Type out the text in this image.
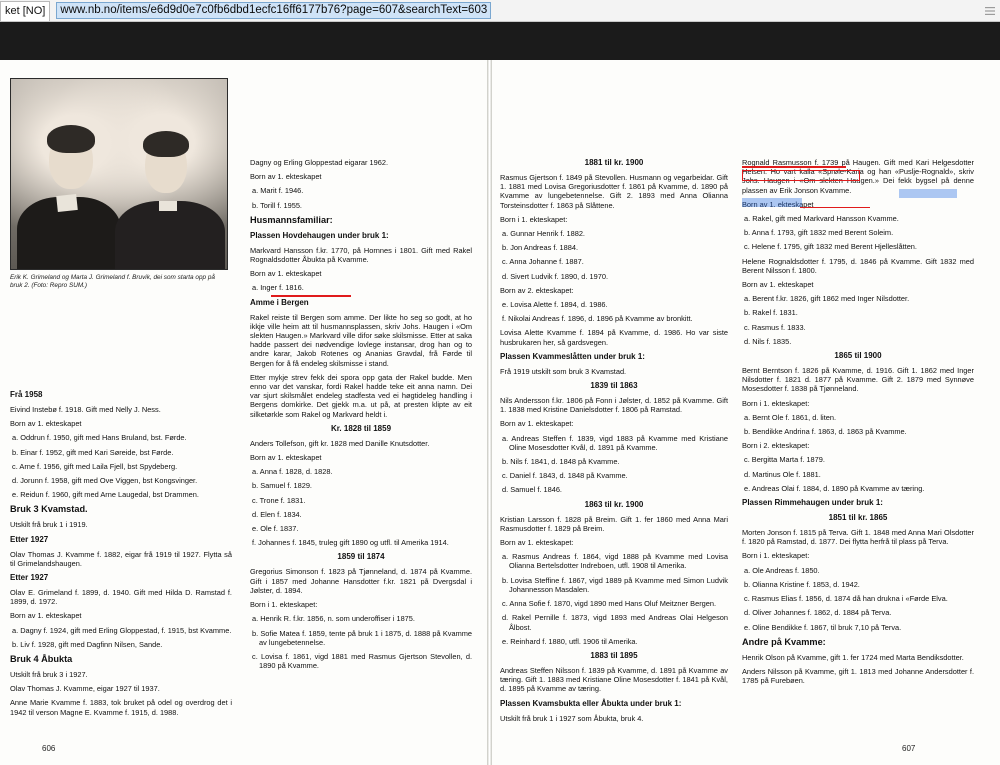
ket [NO]	www.nb.no/items/e6d9d0e7c0fb6dbd1ecfc16ff6177b76?page=607&searchText=603
Erik K. Grimeland og Marta J. Grimeland f. Bruvik, dei som starta opp på bruk 2. (Foto: Repro SUM.)

Frå 1958

Eivind Instebø f. 1918. Gift med Nelly J. Ness.

Born av 1. ekteskapet

a. Oddrun f. 1950, gift med Hans Bruland, bst. Førde.

b. Einar f. 1952, gift med Kari Søreide, bst Førde.

c. Arne f. 1956, gift med Laila Fjell, bst Spydeberg.

d. Jorunn f. 1958, gift med Ove Viggen, bst Kongsvinger.

e. Reidun f. 1960, gift med Arne Laugedal, bst Drammen.

Bruk 3 Kvamstad.

Utskilt frå bruk 1 i 1919.

Etter 1927

Olav Thomas J. Kvamme f. 1882, eigar frå 1919 til 1927. Flytta så til Grimelandshaugen.

Etter 1927

Olav E. Grimeland f. 1899, d. 1940. Gift med Hilda D. Ramstad f. 1899, d. 1972.

Born av 1. ekteskapet

a. Dagny f. 1924, gift med Erling Gloppestad, f. 1915, bst Kvamme.

b. Liv f. 1928, gift med Dagfinn Nilsen, Sande.

Bruk 4 Åbukta

Utskilt frå bruk 3 i 1927.

Olav Thomas J. Kvamme, eigar 1927 til 1937.

Anne Marie Kvamme f. 1883, tok bruket på odel og overdrog det i 1942 til verson Magne E. Kvamme f. 1915, d. 1988.

Dagny og Erling Gloppestad eigarar 1962.

Born av 1. ekteskapet

a. Marit f. 1946.

b. Torill f. 1955.

Husmannsfamiliar:

Plassen Hovdehaugen under bruk 1:

Markvard Hansson f.kr. 1770, på Hornnes i 1801. Gift med Rakel Rognaldsdotter Åbukta på Kvamme.

Born av 1. ekteskapet

a. Inger f. 1816.

Amme i Bergen

Rakel reiste til Bergen som amme. Der likte ho seg so godt, at ho ikkje ville heim att til husmannsplassen, skriv Johs. Haugen i «Om slekten Haugen.» Markvard ville difor søke skilsmisse. Etter at saka hadde passert dei nødvendige lovlege instansar, drog han og to andre karar, Jakob Rotenes og Ananias Gravdal, frå Førde til Bergen for å få endeleg skilsmisse i stand.

Etter mykje strev fekk dei spora opp gata der Rakel budde. Men enno var det vanskar, fordi Rakel hadde teke eit anna namn. Dei var sjurt skilsmålet endeleg stadfesta ved ei høgtideleg handling i Bergens domkirke. Det gjekk m.a. ut på, at presten klipte av eit silketørkle som Rakel og Markvard heldt i.

Kr. 1828 til 1859

Anders Tollefson, gift kr. 1828 med Danille Knutsdotter.

Born av 1. ekteskapet

a. Anna f. 1828, d. 1828.

b. Samuel f. 1829.

c. Trone f. 1831.

d. Elen f. 1834.

e. Ole f. 1837.

f. Johannes f. 1845, truleg gift 1890 og utfl. til Amerika 1914.

1859 til 1874

Gregorius Simonson f. 1823 på Tjønneland, d. 1874 på Kvamme. Gift i 1857 med Johanne Hansdotter f.kr. 1821 på Dvergsdal i Jølster, d. 1894.

Born i 1. ekteskapet:

a. Henrik R. f.kr. 1856, n. som underoffiser i 1875.

b. Sofie Matea f. 1859, tente på bruk 1 i 1875, d. 1888 på Kvamme av lungebetennelse.

c. Lovisa f. 1861, vigd 1881 med Rasmus Gjertson Stevollen, d. 1890 på Kvamme.

1881 til kr. 1900

Rasmus Gjertson f. 1849 på Stevollen. Husmann og vegarbeidar. Gift 1. 1881 med Lovisa Gregoriusdotter f. 1861 på Kvamme, d. 1890 på Kvamme av lungebetennelse. Gift 2. 1893 med Anna Olianna Torsteinsdotter f. 1863 på Slåttene.

Born i 1. ekteskapet:

a. Gunnar Henrik f. 1882.

b. Jon Andreas f. 1884.

c. Anna Johanne f. 1887.

d. Sivert Ludvik f. 1890, d. 1970.

Born av 2. ekteskapet:

e. Lovisa Alette f. 1894, d. 1986.

f. Nikolai Andreas f. 1896, d. 1896 på Kvamme av bronkitt.

Lovisa Alette Kvamme f. 1894 på Kvamme, d. 1986. Ho var siste husbrukaren her, så gardsvegen.

Plassen Kvammeslåtten under bruk 1:

Frå 1919 utskilt som bruk 3 Kvamstad.

1839 til 1863

Nils Andersson f.kr. 1806 på Fonn i Jølster, d. 1852 på Kvamme. Gift 1. 1838 med Kristine Danielsdotter f. 1806 på Ramstad.

Born av 1. ekteskapet:

a. Andreas Steffen f. 1839, vigd 1883 på Kvamme med Kristiane Oline Mosesdotter Kvål, d. 1891 på Kvamme.

b. Nils f. 1841, d. 1848 på Kvamme.

c. Daniel f. 1843, d. 1848 på Kvamme.

d. Samuel f. 1846.

1863 til kr. 1900

Kristian Larsson f. 1828 på Breim. Gift 1. fer 1860 med Anna Mari Rasmusdotter f. 1829 på Breim.

Born av 1. ekteskapet:

a. Rasmus Andreas f. 1864, vigd 1888 på Kvamme med Lovisa Olianna Bertelsdotter Indreboen, utfl. 1908 til Amerika.

b. Lovisa Steffine f. 1867, vigd 1889 på Kvamme med Simon Ludvik Johannesson Masdalen.

c. Anna Sofie f. 1870, vigd 1890 med Hans Oluf Meitzner Bergen.

d. Rakel Pernille f. 1873, vigd 1893 med Andreas Olai Helgeson Ålbost.

e. Reinhard f. 1880, utfl. 1906 til Amerika.

1883 til 1895

Andreas Steffen Nilsson f. 1839 på Kvamme, d. 1891 på Kvamme av tæring. Gift 1. 1883 med Kristiane Oline Mosesdotter f. 1841 på Kvål, d. 1895 på Kvamme av tæring.

Plassen Kvamsbukta eller Åbukta under bruk 1:

Utskilt frå bruk 1 i 1927 som Åbukta, bruk 4.

Rognald Rasmusson f. 1739 på Haugen. Gift med Kari Helgesdotter Helsen. Ho vart kalla «Sprøle-Karia og han «Puslje-Rognald», skriv Johs. Haugen i «Om slekten Haugen.» Dei fekk bygsel på denne plassen av Erik Jonson Kvamme.

Born av 1. ekteskapet

a. Rakel, gift med Markvard Hansson Kvamme.

b. Anna f. 1793, gift 1832 med Berent Soleim.

c. Helene f. 1795, gift 1832 med Berent Hjelleslåtten.

Helene Rognaldsdotter f. 1795, d. 1846 på Kvamme. Gift 1832 med Berent Nilsson f. 1800.

Born av 1. ekteskapet

a. Berent f.kr. 1826, gift 1862 med Inger Nilsdotter.

b. Rakel f. 1831.

c. Rasmus f. 1833.

d. Nils f. 1835.

1865 til 1900

Bernt Berntson f. 1826 på Kvamme, d. 1916. Gift 1. 1862 med Inger Nilsdotter f. 1821 d. 1877 på Kvamme. Gift 2. 1879 med Synnøve Mosesdotter f. 1838 på Tjønneland.

Born i 1. ekteskapet:

a. Bernt Ole f. 1861, d. liten.

b. Bendikke Andrina f. 1863, d. 1863 på Kvamme.

Born i 2. ekteskapet:

c. Bergitta Marta f. 1879.

d. Martinus Ole f. 1881.

e. Andreas Olai f. 1884, d. 1890 på Kvamme av tæring.

Plassen Rimmehaugen under bruk 1:

1851 til kr. 1865

Morten Jonson f. 1815 på Terva. Gift 1. 1848 med Anna Mari Olsdotter f. 1820 på Ramstad, d. 1877. Dei flytta herfrå til plass på Terva.

Born i 1. ekteskapet:

a. Ole Andreas f. 1850.

b. Olianna Kristine f. 1853, d. 1942.

c. Rasmus Elias f. 1856, d. 1874 då han drukna i «Førde Elva.

d. Oliver Johannes f. 1862, d. 1884 på Terva.

e. Oline Bendikke f. 1867, til bruk 7,10 på Terva.

Andre på Kvamme:

Henrik Olson på Kvamme, gift 1. fer 1724 med Marta Bendiksdotter.

Anders Nilsson på Kvamme, gift 1. 1813 med Johanne Andersdotter f. 1785 på Furebøen.

606	607
